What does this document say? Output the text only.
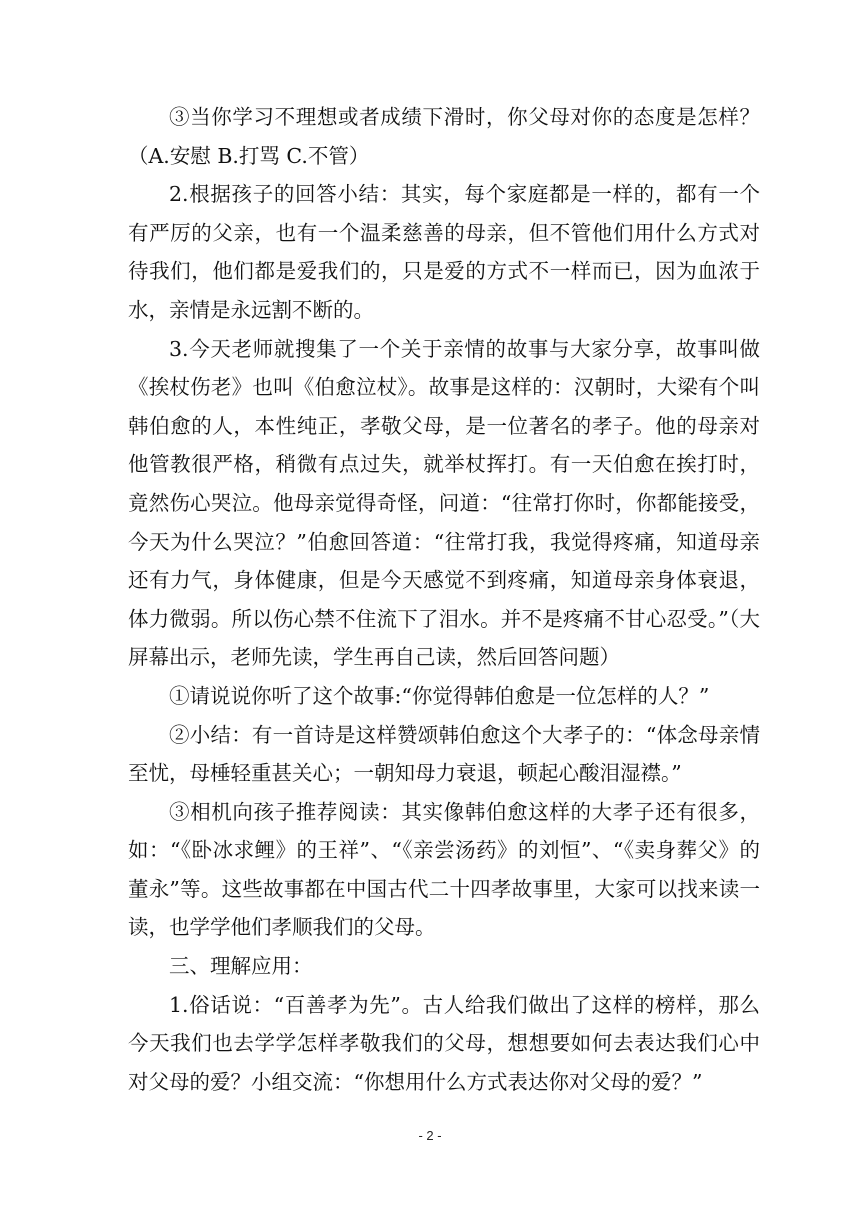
③当你学习不理想或者成绩下滑时，你父母对你的态度是怎样？（A.安慰 B.打骂 C.不管）

2.根据孩子的回答小结：其实，每个家庭都是一样的，都有一个有严厉的父亲，也有一个温柔慈善的母亲，但不管他们用什么方式对待我们，他们都是爱我们的，只是爱的方式不一样而已，因为血浓于水，亲情是永远割不断的。

3.今天老师就搜集了一个关于亲情的故事与大家分享，故事叫做《挨杖伤老》也叫《伯愈泣杖》。故事是这样的：汉朝时，大梁有个叫韩伯愈的人，本性纯正，孝敬父母，是一位著名的孝子。他的母亲对他管教很严格，稍微有点过失，就举杖挥打。有一天伯愈在挨打时，竟然伤心哭泣。他母亲觉得奇怪，问道：“往常打你时，你都能接受，今天为什么哭泣？”伯愈回答道：“往常打我，我觉得疼痛，知道母亲还有力气，身体健康，但是今天感觉不到疼痛，知道母亲身体衰退，体力微弱。所以伤心禁不住流下了泪水。并不是疼痛不甘心忍受。”（大屏幕出示，老师先读，学生再自己读，然后回答问题）

①请说说你听了这个故事:“你觉得韩伯愈是一位怎样的人？”

②小结：有一首诗是这样赞颂韩伯愈这个大孝子的：“体念母亲情至忧，母棰轻重甚关心；一朝知母力衰退，顿起心酸泪湿襟。”

③相机向孩子推荐阅读：其实像韩伯愈这样的大孝子还有很多，如：“《卧冰求鲤》的王祥”、“《亲尝汤药》的刘恒”、“《卖身葬父》的董永”等。这些故事都在中国古代二十四孝故事里，大家可以找来读一读，也学学他们孝顺我们的父母。

三、理解应用：

1.俗话说：“百善孝为先”。古人给我们做出了这样的榜样，那么今天我们也去学学怎样孝敬我们的父母，想想要如何去表达我们心中对父母的爱？小组交流：“你想用什么方式表达你对父母的爱？”

- 2 -
